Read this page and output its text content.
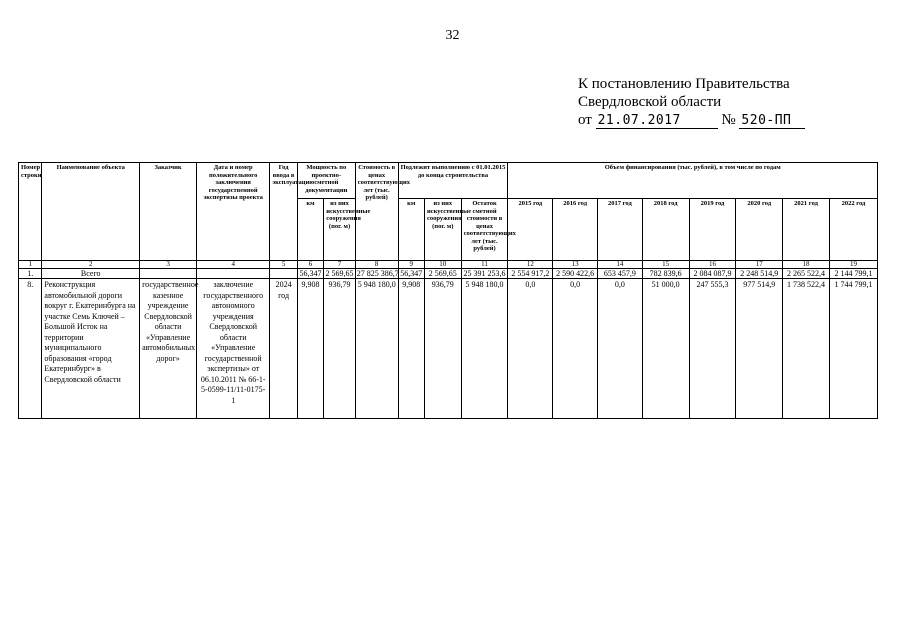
32
К постановлению Правительства
Свердловской области
от 21.07.2017	№ 520-ПП
Номер строки	Наименование объекта	Заказчик	Дата и номер положительного заключения государственной экспертизы проекта	Год ввода в эксплуатацию	Мощность по проектно-сметной документации		Стоимость в ценах соответствующих лет (тыс. рублей)	Подлежит выполнению с 01.01.2015 до конца строительства			Объем финансирования (тыс. рублей), в том числе по годам							
					км	из них искусственные сооружения (пог. м)		км	из них искусственные сооружения (пог. м)	Остаток сметной стоимости в ценах соответствующих лет (тыс. рублей)	2015 год	2016 год	2017 год	2018 год	2019 год	2020 год	2021 год	2022 год
1	2	3	4	5	6	7	8	9	10	11	12	13	14	15	16	17	18	19
1.	Всего				56,347	2 569,65	27 825 386,7	56,347	2 569,65	25 391 253,6	2 554 917,2	2 590 422,6	653 457,9	782 839,6	2 084 087,9	2 248 514,9	2 265 522,4	2 144 799,1
8.	Реконструкция автомобильной дороги вокруг г. Екатеринбурга на участке Семь Ключей – Большой Исток на территории муниципального образования «город Екатеринбург» в Свердловской области	государственное казенное учреждение Свердловской области «Управление автомобильных дорог»	заключение государственного автономного учреждения Свердловской области «Управление государственной экспертизы» от 06.10.2011 № 66-1-5-0599-11/11-0175-1	2024 год	9,908	936,79	5 948 180,0	9,908	936,79	5 948 180,0	0,0	0,0	0,0	51 000,0	247 555,3	977 514,9	1 738 522,4	1 744 799,1
